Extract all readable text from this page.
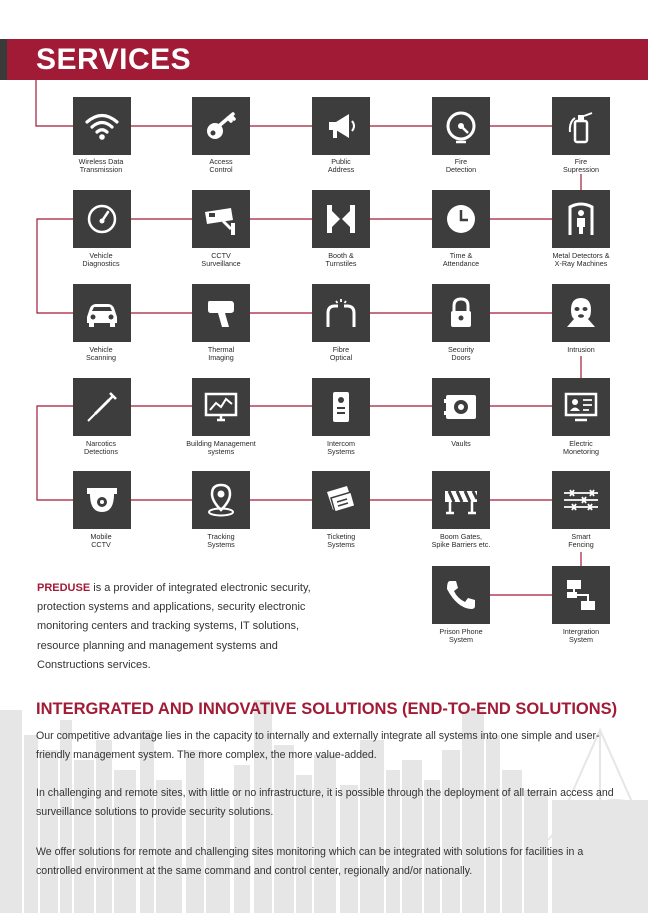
SERVICES
Wireless Data
Transmission
Access
Control
Public
Address
Fire
Detection
Fire
Supression
Vehicle
Diagnostics
CCTV
Surveillance
Booth &
Turnstiles
Time &
Attendance
Metal Detectors &
X-Ray Machines
Vehicle
Scanning
Thermal
Imaging
Fibre
Optical
Security
Doors
Intrusion
Narcotics
Detections
Building Management
systems
Intercom
Systems
Vaults	Electric
Monetoring
Mobile
CCTV
Tracking
Systems
Ticketing
Systems
Boom Gates,
Spike Barriers etc.
Smart
Fencing
Prison Phone
System
Intergration
System
PREDUSE is a provider of integrated electronic security, protection systems and applications, security electronic monitoring centers and tracking systems, IT solutions, resource planning and management systems and Constructions services.
INTERGRATED AND INNOVATIVE SOLUTIONS (END-TO-END SOLUTIONS)
Our competitive advantage lies in the capacity to internally and externally integrate all systems into one simple and user-friendly management system. The more complex, the more value-added.
In challenging and remote sites, with little or no infrastructure, it is possible through the deployment of all terrain access and surveillance solutions to provide security solutions.
We offer solutions for remote and challenging sites monitoring which can be integrated with solutions for facilities in a controlled environment at the same command and control center, regionally and/or nationally.
